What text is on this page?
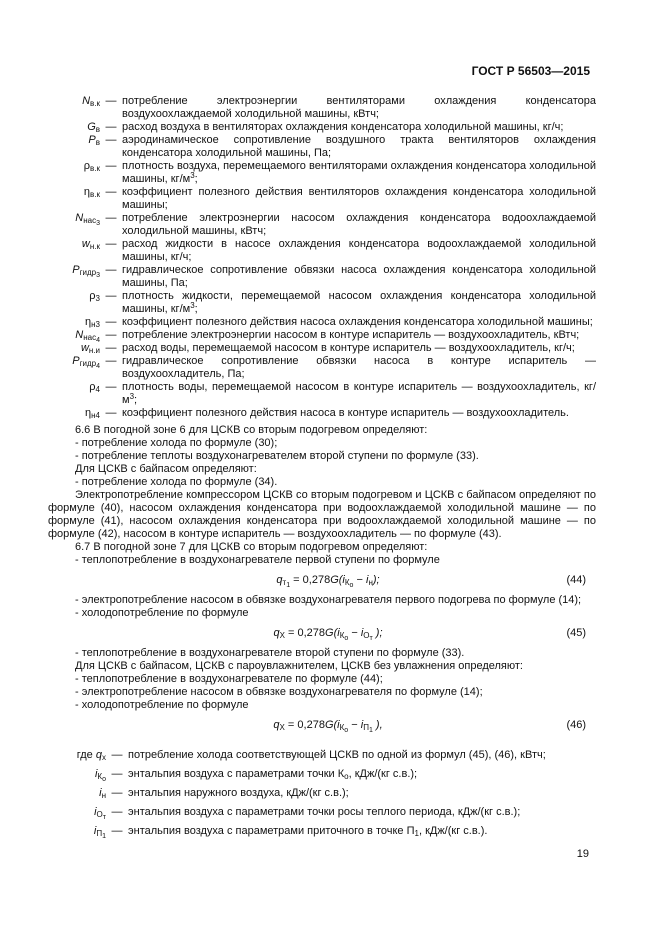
ГОСТ Р 56503—2015
$N_{в.к}$ — потребление электроэнергии вентиляторами охлаждения конденсатора воздухоохлаждаемой холодильной машины, кВтч;
$G_в$ — расход воздуха в вентиляторах охлаждения конденсатора холодильной машины, кг/ч;
$P_в$ — аэродинамическое сопротивление воздушного тракта вентиляторов охлаждения конденсатора холодильной машины, Па;
$\rho_{в.к}$ — плотность воздуха, перемещаемого вентиляторами охлаждения конденсатора холодильной машины, $кг/м^3$;
$\eta_{в.к}$ — коэффициент полезного действия вентиляторов охлаждения конденсатора холодильной машины;
$N_{нас3}$ — потребление электроэнергии насосом охлаждения конденсатора водоохлаждаемой холодильной машины, кВтч;
$w_{н.к}$ — расход жидкости в насосе охлаждения конденсатора водоохлаждаемой холодильной машины, кг/ч;
$P_{гидр3}$ — гидравлическое сопротивление обвязки насоса охлаждения конденсатора холодильной машины, Па;
$\rho_3$ — плотность жидкости, перемещаемой насосом охлаждения конденсатора холодильной машины, $кг/м^3$;
$\eta_{н3}$ — коэффициент полезного действия насоса охлаждения конденсатора холодильной машины;
$N_{нас4}$ — потребление электроэнергии насосом в контуре испаритель — воздухоохладитель, кВтч;
$w_{н.и}$ — расход воды, перемещаемой насосом в контуре испаритель — воздухоохладитель, кг/ч;
$P_{гидр4}$ — гидравлическое сопротивление обвязки насоса в контуре испаритель — воздухоохладитель, Па;
$\rho_4$ — плотность воды, перемещаемой насосом в контуре испаритель — воздухоохладитель, $кг/м^3$;
$\eta_{н4}$ — коэффициент полезного действия насоса в контуре испаритель — воздухоохладитель.

6.6 В погодной зоне 6 для ЦСКВ со вторым подогревом определяют:

- потребление холода по формуле (30);

- потребление теплоты воздухонагревателем второй ступени по формуле (33).

Для ЦСКВ с байпасом определяют:

- потребление холода по формуле (34).

Электропотребление компрессором ЦСКВ со вторым подогревом и ЦСКВ с байпасом определяют по формуле (40), насосом охлаждения конденсатора при водоохлаждаемой холодильной машине — по формуле (41), насосом охлаждения конденсатора при водоохлаждаемой холодильной машине — по формуле (42), насосом в контуре испаритель — воздухоохладитель — по формуле (43).

6.7 В погодной зоне 7 для ЦСКВ со вторым подогревом определяют:

- теплопотребление в воздухонагревателе первой ступени по формуле

$q_{т1} = 0,278G(i_{Ко} - i_н)$;	(44)

- электропотребление насосом в обвязке воздухонагревателя первого подогрева по формуле (14);

- холодопотребление по формуле

$q_X = 0,278G(i_{Ко} - i_{От}$ );	(45)

- теплопотребление в воздухонагревателе второй ступени по формуле (33).

Для ЦСКВ с байпасом, ЦСКВ с пароувлажнителем, ЦСКВ без увлажнения определяют:

- теплопотребление в воздухонагревателе по формуле (44);

- электропотребление насосом в обвязке воздухонагревателя по формуле (14);

- холодопотребление по формуле

$q_X = 0,278G(i_{Ко} - i_{П1}$ ),	(46)
где $q_х$ — потребление холода соответствующей ЦСКВ по одной из формул (45), (46), кВтч;
$i_{Ко}$ — энтальпия воздуха с параметрами точки $К_о$, кДж/(кг с.в.);
$i_н$ — энтальпия наружного воздуха, кДж/(кг с.в.);
$i_{От}$ — энтальпия воздуха с параметрами точки росы теплого периода, кДж/(кг с.в.);
$i_{П1}$ — энтальпия воздуха с параметрами приточного в точке $П_1$, кДж/(кг с.в.).
19
